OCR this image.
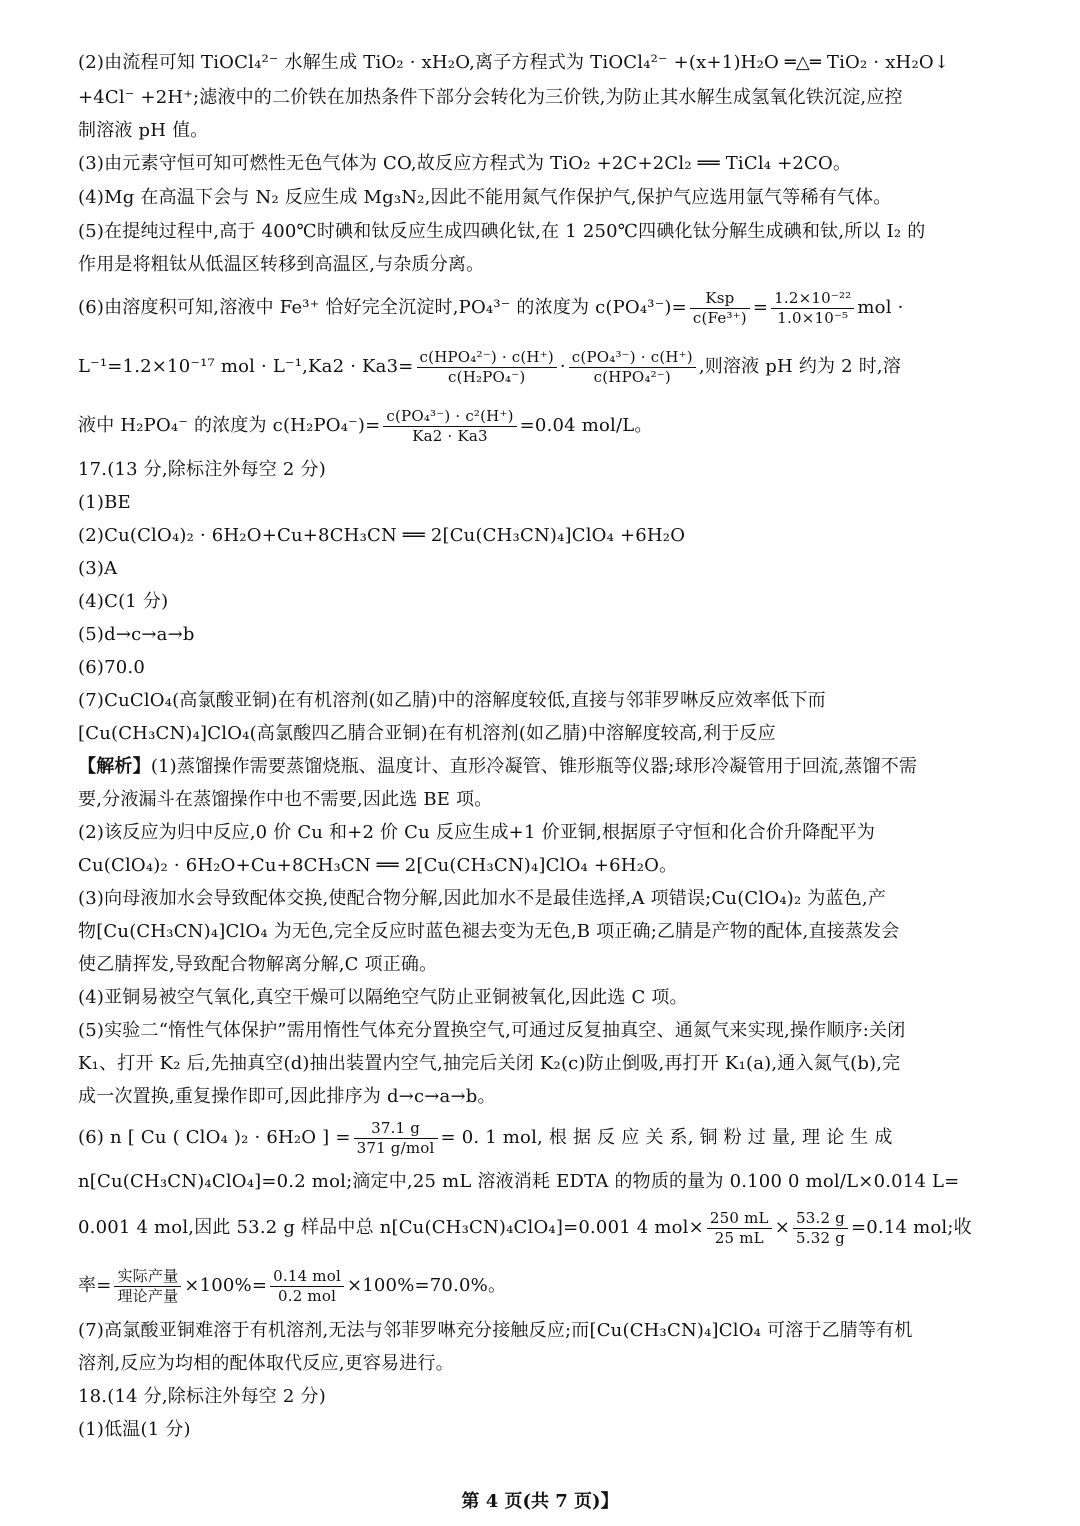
(2)由流程可知 TiOCl₄²⁻ 水解生成 TiO₂ · xH₂O,离子方程式为 TiOCl₄²⁻ +(x+1)H₂O ═△═ TiO₂ · xH₂O↓
+4Cl⁻ +2H⁺;滤液中的二价铁在加热条件下部分会转化为三价铁,为防止其水解生成氢氧化铁沉淀,应控
制溶液 pH 值。
(3)由元素守恒可知可燃性无色气体为 CO,故反应方程式为 TiO₂ +2C+2Cl₂ ══ TiCl₄ +2CO。
(4)Mg 在高温下会与 N₂ 反应生成 Mg₃N₂,因此不能用氮气作保护气,保护气应选用氩气等稀有气体。
(5)在提纯过程中,高于 400℃时碘和钛反应生成四碘化钛,在 1 250℃四碘化钛分解生成碘和钛,所以 I₂ 的
作用是将粗钛从低温区转移到高温区,与杂质分离。
(6)由溶度积可知,溶液中 Fe³⁺ 恰好完全沉淀时,PO₄³⁻ 的浓度为 $c(PO_4^{3-})= \frac{\text{Ksp}}{\text{c(Fe³⁺)}} = \frac{\text{1.2×10⁻²²}}{\text{1.0×10⁻⁵}}$ mol ·
L⁻¹=1.2×10⁻¹⁷ mol · $L^{-1},Ka2 \cdot Ka3= \frac{\text{c(HPO₄²⁻) · c(H⁺)}}{\text{c(H₂PO₄⁻)}} \cdot \frac{\text{c(PO₄³⁻) · c(H⁺)}}{\text{c(HPO₄²⁻)}}$ ,则溶液 pH 约为 2 时,溶
液中 H₂PO₄⁻ 的浓度为 $c(H_2PO_4^-)= \frac{\text{c(PO₄³⁻) · c²(H⁺)}}{Ka2 \cdot Ka3} =0.04$ mol/L。
17.(13 分,除标注外每空 2 分)
(1)BE
(2)Cu(ClO₄)₂ · 6H₂O+Cu+8CH₃CN ══ 2[Cu(CH₃CN)₄]ClO₄ +6H₂O
(3)A
(4)C(1 分)
(5)d→c→a→b
(6)70.0
(7)CuClO₄(高氯酸亚铜)在有机溶剂(如乙腈)中的溶解度较低,直接与邻菲罗啉反应效率低下而
[Cu(CH₃CN)₄]ClO₄(高氯酸四乙腈合亚铜)在有机溶剂(如乙腈)中溶解度较高,利于反应
【解析】(1)蒸馏操作需要蒸馏烧瓶、温度计、直形冷凝管、锥形瓶等仪器;球形冷凝管用于回流,蒸馏不需
要,分液漏斗在蒸馏操作中也不需要,因此选 BE 项。
(2)该反应为归中反应,0 价 Cu 和+2 价 Cu 反应生成+1 价亚铜,根据原子守恒和化合价升降配平为
Cu(ClO₄)₂ · 6H₂O+Cu+8CH₃CN ══ 2[Cu(CH₃CN)₄]ClO₄ +6H₂O。
(3)向母液加水会导致配体交换,使配合物分解,因此加水不是最佳选择,A 项错误;Cu(ClO₄)₂ 为蓝色,产
物[Cu(CH₃CN)₄]ClO₄ 为无色,完全反应时蓝色褪去变为无色,B 项正确;乙腈是产物的配体,直接蒸发会
使乙腈挥发,导致配合物解离分解,C 项正确。
(4)亚铜易被空气氧化,真空干燥可以隔绝空气防止亚铜被氧化,因此选 C 项。
(5)实验二“惰性气体保护”需用惰性气体充分置换空气,可通过反复抽真空、通氮气来实现,操作顺序:关闭
K₁、打开 K₂ 后,先抽真空(d)抽出装置内空气,抽完后关闭 K₂(c)防止倒吸,再打开 K₁(a),通入氮气(b),完
成一次置换,重复操作即可,因此排序为 d→c→a→b。
(6) n [ Cu ( ClO₄ )₂ · 6H₂O ] = $\frac{37.1 g}{\text{371 g/mol}} = 0$. 1 mol, 根 据 反 应 关 系, 铜 粉 过 量, 理 论 生 成
n[Cu(CH₃CN)₄ClO₄]=0.2 mol;滴定中,25 mL 溶液消耗 EDTA 的物质的量为 0.100 0 mol/L×0.014 L=
0.001 4 mol,因此 53.2 g 样品中总 n[Cu(CH₃CN)₄ClO₄]=0.001 4 $mol\times \frac{250 mL}{25 mL} \times \frac{53.2 g}{5.32 g} =0.14$ mol;收
率= $\frac{\text{实际产量}}{\text{理论产量}} \times 100\%= \frac{\text{0.14 mol}}{\text{0.2 mol}} \times 100\%=70.0\%$。
(7)高氯酸亚铜难溶于有机溶剂,无法与邻菲罗啉充分接触反应;而[Cu(CH₃CN)₄]ClO₄ 可溶于乙腈等有机
溶剂,反应为均相的配体取代反应,更容易进行。
18.(14 分,除标注外每空 2 分)
(1)低温(1 分)
第 4 页(共 7 页)】
